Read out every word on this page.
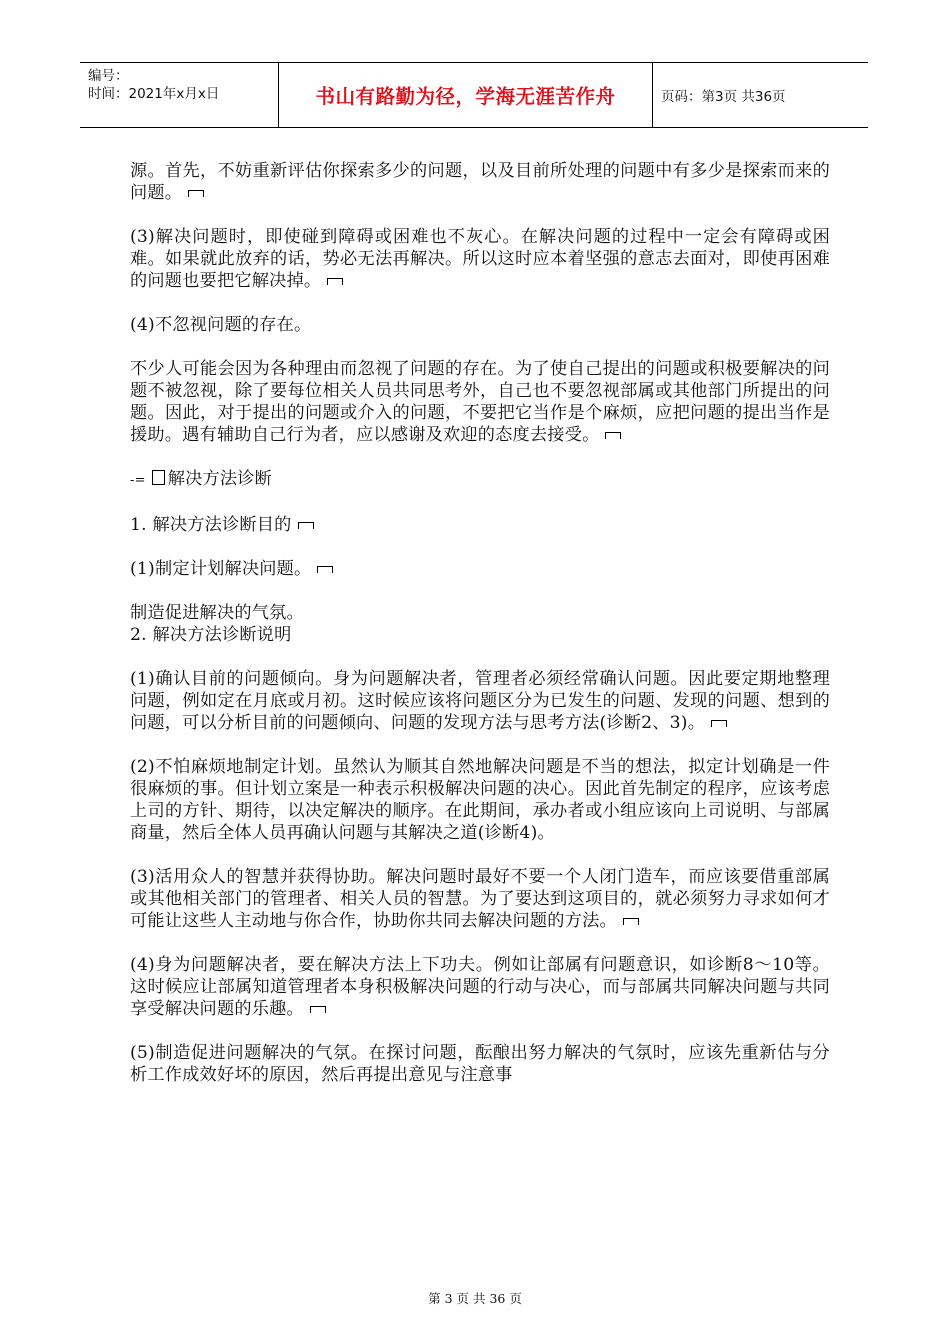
编号：
时间：2021年x月x日	书山有路勤为径，学海无涯苦作舟	页码：第3页 共36页

源。首先，不妨重新评估你探索多少的问题，以及目前所处理的问题中有多少是探索而来的问题。

(3)解决问题时，即使碰到障碍或困难也不灰心。在解决问题的过程中一定会有障碍或困难。如果就此放弃的话，势必无法再解决。所以这时应本着坚强的意志去面对，即使再困难的问题也要把它解决掉。

(4)不忽视问题的存在。

不少人可能会因为各种理由而忽视了问题的存在。为了使自己提出的问题或积极要解决的问题不被忽视，除了要每位相关人员共同思考外，自己也不要忽视部属或其他部门所提出的问题。因此，对于提出的问题或介入的问题，不要把它当作是个麻烦，应把问题的提出当作是援助。遇有辅助自己行为者，应以感谢及欢迎的态度去接受。

-= 解决方法诊断

1. 解决方法诊断目的

(1)制定计划解决问题。

制造促进解决的气氛。

2. 解决方法诊断说明

(1)确认目前的问题倾向。身为问题解决者，管理者必须经常确认问题。因此要定期地整理问题，例如定在月底或月初。这时候应该将问题区分为已发生的问题、发现的问题、想到的问题，可以分析目前的问题倾向、问题的发现方法与思考方法(诊断2、3)。

(2)不怕麻烦地制定计划。虽然认为顺其自然地解决问题是不当的想法，拟定计划确是一件很麻烦的事。但计划立案是一种表示积极解决问题的决心。因此首先制定的程序，应该考虑上司的方针、期待，以决定解决的顺序。在此期间，承办者或小组应该向上司说明、与部属商量，然后全体人员再确认问题与其解决之道(诊断4)。

(3)活用众人的智慧并获得协助。解决问题时最好不要一个人闭门造车，而应该要借重部属或其他相关部门的管理者、相关人员的智慧。为了要达到这项目的，就必须努力寻求如何才可能让这些人主动地与你合作，协助你共同去解决问题的方法。

(4)身为问题解决者，要在解决方法上下功夫。例如让部属有问题意识，如诊断8～10等。这时候应让部属知道管理者本身积极解决问题的行动与决心，而与部属共同解决问题与共同享受解决问题的乐趣。

(5)制造促进问题解决的气氛。在探讨问题，酝酿出努力解决的气氛时，应该先重新估与分析工作成效好坏的原因，然后再提出意见与注意事

第 3 页 共 36 页
